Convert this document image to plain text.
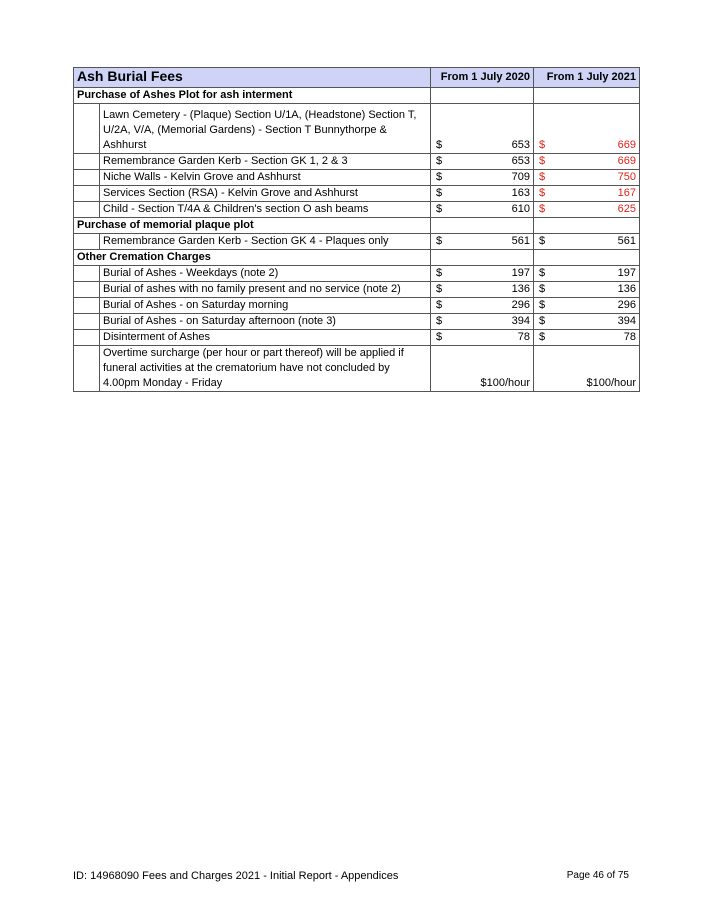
Ash Burial Fees		From 1 July 2020	From 1 July 2021
Purchase of Ashes Plot for ash interment			
	Lawn Cemetery - (Plaque) Section U/1A, (Headstone) Section T, U/2A, V/A, (Memorial Gardens) - Section T Bunnythorpe & Ashhurst	$ 653	$ 669
	Remembrance Garden Kerb - Section GK 1, 2 & 3	$ 653	$ 669
	Niche Walls - Kelvin Grove and Ashhurst	$ 709	$ 750
	Services Section (RSA) - Kelvin Grove and Ashhurst	$ 163	$ 167
	Child - Section T/4A & Children's section O ash beams	$ 610	$ 625
Purchase of memorial plaque plot			
	Remembrance Garden Kerb - Section GK 4 - Plaques only	$ 561	$ 561
Other Cremation Charges			
	Burial of Ashes - Weekdays (note 2)	$ 197	$ 197
	Burial of ashes with no family present and no service (note 2)	$ 136	$ 136
	Burial of Ashes - on Saturday morning	$ 296	$ 296
	Burial of Ashes - on Saturday afternoon (note 3)	$ 394	$ 394
	Disinterment of Ashes	$ 78	$ 78
	Overtime surcharge (per hour or part thereof) will be applied if funeral activities at the crematorium have not concluded by 4.00pm Monday - Friday	$100/hour	$100/hour
ID: 14968090 Fees and Charges 2021 - Initial Report - Appendices	Page 46 of 75
